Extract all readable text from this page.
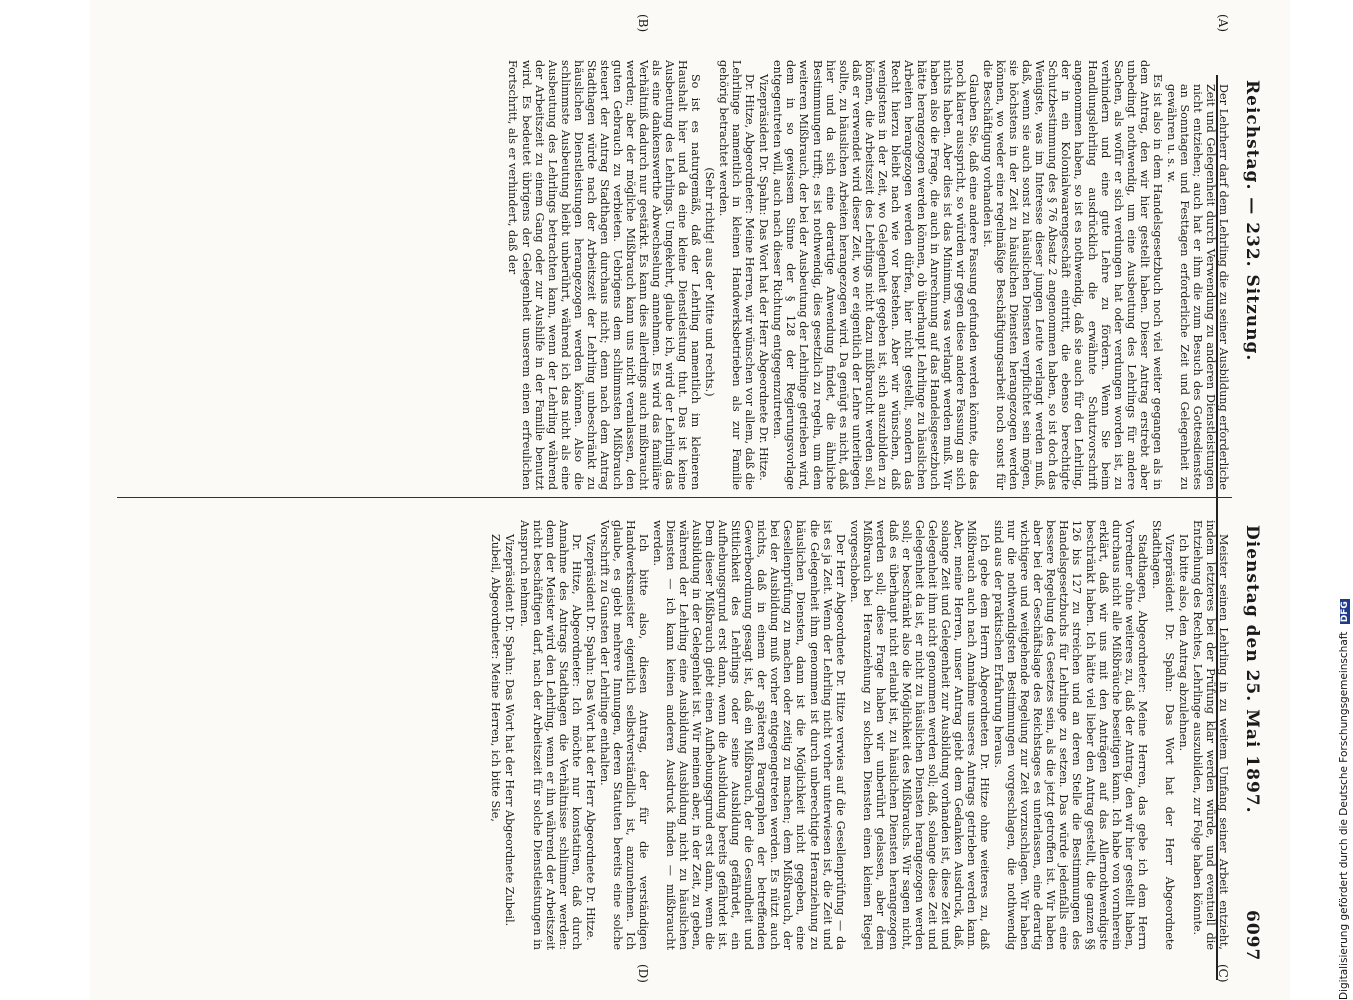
Reichstag. — 232. Sitzung.
Dienstag den 25. Mai 1897.
6097
(A)
(B)
(C)
(D)

Der Lehrherr darf dem Lehrling die zu seiner Ausbildung erforderliche Zeit und Gelegenheit durch Verwendung zu anderen Dienstleistungen nicht entziehen; auch hat er ihm die zum Besuch des Gottesdienstes an Sonntagen und Festtagen erforderliche Zeit und Gelegenheit zu gewähren u. s. w.

Es ist also in dem Handelsgesetzbuch noch viel weiter gegangen als in dem Antrag, den wir hier gestellt haben. Dieser Antrag erstrebt aber unbedingt nothwendig, um eine Ausbeutung des Lehrlings für andere Sachen, als wofür er sich verdungen hat oder verdungen worden ist, zu verhindern und eine gute Lehre zu fördern. Wenn Sie beim Handlungslehrling ausdrücklich die erwähnte Schutzvorschrift angenommen haben, so ist es nothwendig, daß sie auch für den Lehrling, der in ein Kolonialwaarengeschäft eintritt, die ebenso berechtigte Schutzbestimmung des § 76 Absatz 2 angenommen haben, so ist doch das Wenigste, was im Interesse dieser jungen Leute verlangt werden muß, daß, wenn sie auch sonst zu häuslichen Diensten verpflichtet sein mögen, sie höchstens in der Zeit zu häuslichen Diensten herangezogen werden können, wo weder eine regelmäßige Beschäftigungsarbeit noch sonst für die Beschäftigung vorhanden ist.

Glauben Sie, daß eine andere Fassung gefunden werden könnte, die das noch klarer ausspricht, so würden wir gegen diese andere Fassung an sich nichts haben. Aber dies ist das Minimum, was verlangt werden muß. Wir haben also die Frage, die auch in Anrechnung auf das Handelsgesetzbuch hätte herangezogen werden können, ob überhaupt Lehrlinge zu häuslichen Arbeiten herangezogen werden dürfen, hier nicht gestellt, sondern das Recht hierzu bleibt nach wie vor bestehen. Aber wir wünschen, daß wenigstens in der Zeit, wo Gelegenheit gegeben ist, sich auszubilden zu können, die Arbeitszeit des Lehrlings nicht dazu mißbraucht werden soll, daß er verwendet wird dieser Zeit, wo er eigentlich der Lehre unterliegen sollte, zu häuslichen Arbeiten herangezogen wird. Da genügt es nicht, daß hier und da sich eine derartige Anwendung findet, die ähnliche Bestimmungen trifft; es ist nothwendig, dies gesetzlich zu regeln, um dem weiteren Mißbrauch, der bei der Ausbeutung der Lehrlinge getrieben wird, dem in so gewissem Sinne der § 128 der Regierungsvorlage entgegentreten will, auch nach dieser Richtung entgegenzutreten.

Vizepräsident Dr. Spahn: Das Wort hat der Herr Abgeordnete Dr. Hitze.

Dr. Hitze, Abgeordneter: Meine Herren, wir wünschen vor allem, daß die Lehrlinge namentlich in kleinen Handwerksbetrieben als zur Familie gehörig betrachtet werden.

(Sehr richtig! aus der Mitte und rechts.)

So ist es naturgemäß, daß der Lehrling namentlich im kleineren Haushalt hier und da eine kleine Dienstleistung thut. Das ist keine Ausbeutung des Lehrlings. Umgekehrt, glaube ich, wird der Lehrling das als eine dankenswerthe Abwechselung annehmen. Es wird das familiäre Verhältniß dadurch nur gestärkt. Es kann dies allerdings auch mißbraucht werden; aber der mögliche Mißbrauch kann uns nicht veranlassen, den guten Gebrauch zu verbieten. Uebrigens dem schlimmsten Mißbrauch steuert der Antrag Stadthagen durchaus nicht; denn nach dem Antrag Stadthagen würde nach der Arbeitszeit der Lehrling unbeschränkt zu häuslichen Dienstleistungen herangezogen werden können. Also die schlimmste Ausbeutung bleibt unberührt, während ich das nicht als eine Ausbeutung des Lehrlings betrachten kann, wenn der Lehrling während der Arbeitszeit zu einem Gang oder zur Aushilfe in der Familie benutzt wird. Es bedeutet übrigens der Gelegenheit unserem einen erfreulichen Fortschritt, als er verhindert, daß der

Meister seinen Lehrling in zu weitem Umfang seiner Arbeit entzieht, indem letzteres bei der Prüfung klar werden würde, und eventuell die Entziehung des Rechtes, Lehrlinge auszubilden, zur Folge haben könnte.

Ich bitte also, den Antrag abzulehnen.

Vizepräsident Dr. Spahn: Das Wort hat der Herr Abgeordnete Stadthagen.

Stadthagen, Abgeordneter: Meine Herren, das gebe ich dem Herrn Vorredner ohne weiteres zu, daß der Antrag, den wir hier gestellt haben, durchaus nicht alle Mißbräuche beseitigen kann. Ich habe von vornherein erklärt, daß wir uns mit den Anträgen auf das Allernothwendigste beschränkt haben. Ich hätte viel lieber den Antrag gestellt, die ganzen §§ 126 bis 127 zu streichen und an deren Stelle die Bestimmungen des Handelsgesetzbuchs für Lehrlinge zu setzen. Das würde jedenfalls eine bessere Regelung des Gesetzes sein, als die jetzt getroffen ist. Wir haben aber bei der Geschäftslage des Reichstages es unterlassen, eine derartig wichtigere und weitgehende Regelung zur Zeit vorzuschlagen. Wir haben nur die nothwendigsten Bestimmungen vorgeschlagen, die nothwendig sind aus der praktischen Erfahrung heraus.

Ich gebe dem Herrn Abgeordneten Dr. Hitze ohne weiteres zu, daß Mißbrauch auch nach Annahme unseres Antrags getrieben werden kann. Aber, meine Herren, unser Antrag giebt dem Gedanken Ausdruck, daß, solange Zeit und Gelegenheit zur Ausbildung vorhanden ist, diese Zeit und Gelegenheit ihm nicht genommen werden soll; daß, solange diese Zeit und Gelegenheit da ist, er nicht zu häuslichen Diensten herangezogen werden soll; er beschränkt also die Möglichkeit des Mißbrauchs. Wir sagen nicht, daß es überhaupt nicht erlaubt ist, zu häuslichen Diensten herangezogen werden soll; diese Frage haben wir unberührt gelassen, aber dem Mißbrauch bei Heranziehung zu solchen Diensten einen kleinen Riegel vorgeschoben.

Der Herr Abgeordnete Dr. Hitze verwies auf die Gesellenprüfung — da ist es ja Zeit. Wenn der Lehrling nicht vorher unterwiesen ist, die Zeit und die Gelegenheit ihm genommen ist durch unberechtigte Heranziehung zu häuslichen Diensten, dann ist die Möglichkeit nicht gegeben, eine Gesellenprüfung zu machen oder zeitig zu machen; dem Mißbrauch, der bei der Ausbildung muß vorher entgegengetreten werden. Es nützt auch nichts, daß in einem der späteren Paragraphen der betreffenden Gewerbeordnung gesagt ist, daß ein Mißbrauch, der die Gesundheit und Sittlichkeit des Lehrlings oder seine Ausbildung gefährdet, ein Aufhebungsgrund erst dann, wenn die Ausbildung bereits gefährdet ist. Dem dieser Mißbrauch giebt einen Aufhebungsgrund erst dann, wenn die Ausbildung in der Gelegenheit ist. Wir meinen aber, in der Zeit, zu geben, während der Lehrling eine Ausbildung Ausbildung nicht zu häuslichen Diensten — ich kann keinen anderen Ausdruck finden — mißbraucht werden.

Ich bitte also, diesen Antrag, der für die verständigen Handwerksmeister eigentlich selbstverständlich ist, anzunehmen. Ich glaube, es giebt mehrere Innungen, deren Statuten bereits eine solche Vorschrift zu Gunsten der Lehrlinge enthalten.

Vizepräsident Dr. Spahn: Das Wort hat der Herr Abgeordnete Dr. Hitze.

Dr. Hitze, Abgeordneter: Ich möchte nur konstatiren, daß durch Annahme des Antrags Stadthagen die Verhältnisse schlimmer werden: denn der Meister wird den Lehrling, wenn er ihn während der Arbeitszeit nicht beschäftigen darf, nach der Arbeitszeit für solche Dienstleistungen in Anspruch nehmen.

Vizepräsident Dr. Spahn: Das Wort hat der Herr Abgeordnete Zubeil.

Zubeil, Abgeordneter: Meine Herren, ich bitte Sie,	Digitalisierung gefördert durch die Deutsche Forschungsgemeinschaft DFG
